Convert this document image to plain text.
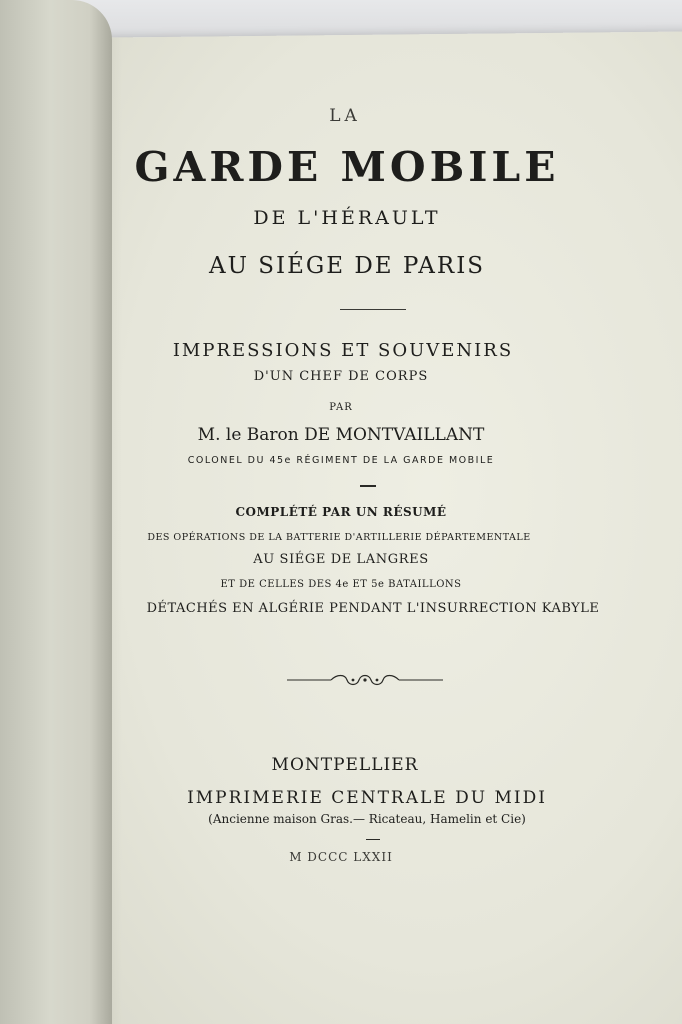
LA
GARDE MOBILE
DE L'HÉRAULT
AU SIÉGE DE PARIS
IMPRESSIONS ET SOUVENIRS
D'UN CHEF DE CORPS
PAR
M. le Baron DE MONTVAILLANT
COLONEL DU 45e RÉGIMENT DE LA GARDE MOBILE
COMPLÉTÉ PAR UN RÉSUMÉ
DES OPÉRATIONS DE LA BATTERIE D'ARTILLERIE DÉPARTEMENTALE
AU SIÉGE DE LANGRES
ET DE CELLES DES 4e ET 5e BATAILLONS
DÉTACHÉS EN ALGÉRIE PENDANT L'INSURRECTION KABYLE
MONTPELLIER
IMPRIMERIE CENTRALE DU MIDI
(Ancienne maison Gras.— Ricateau, Hamelin et Cie)
M DCCC LXXII
